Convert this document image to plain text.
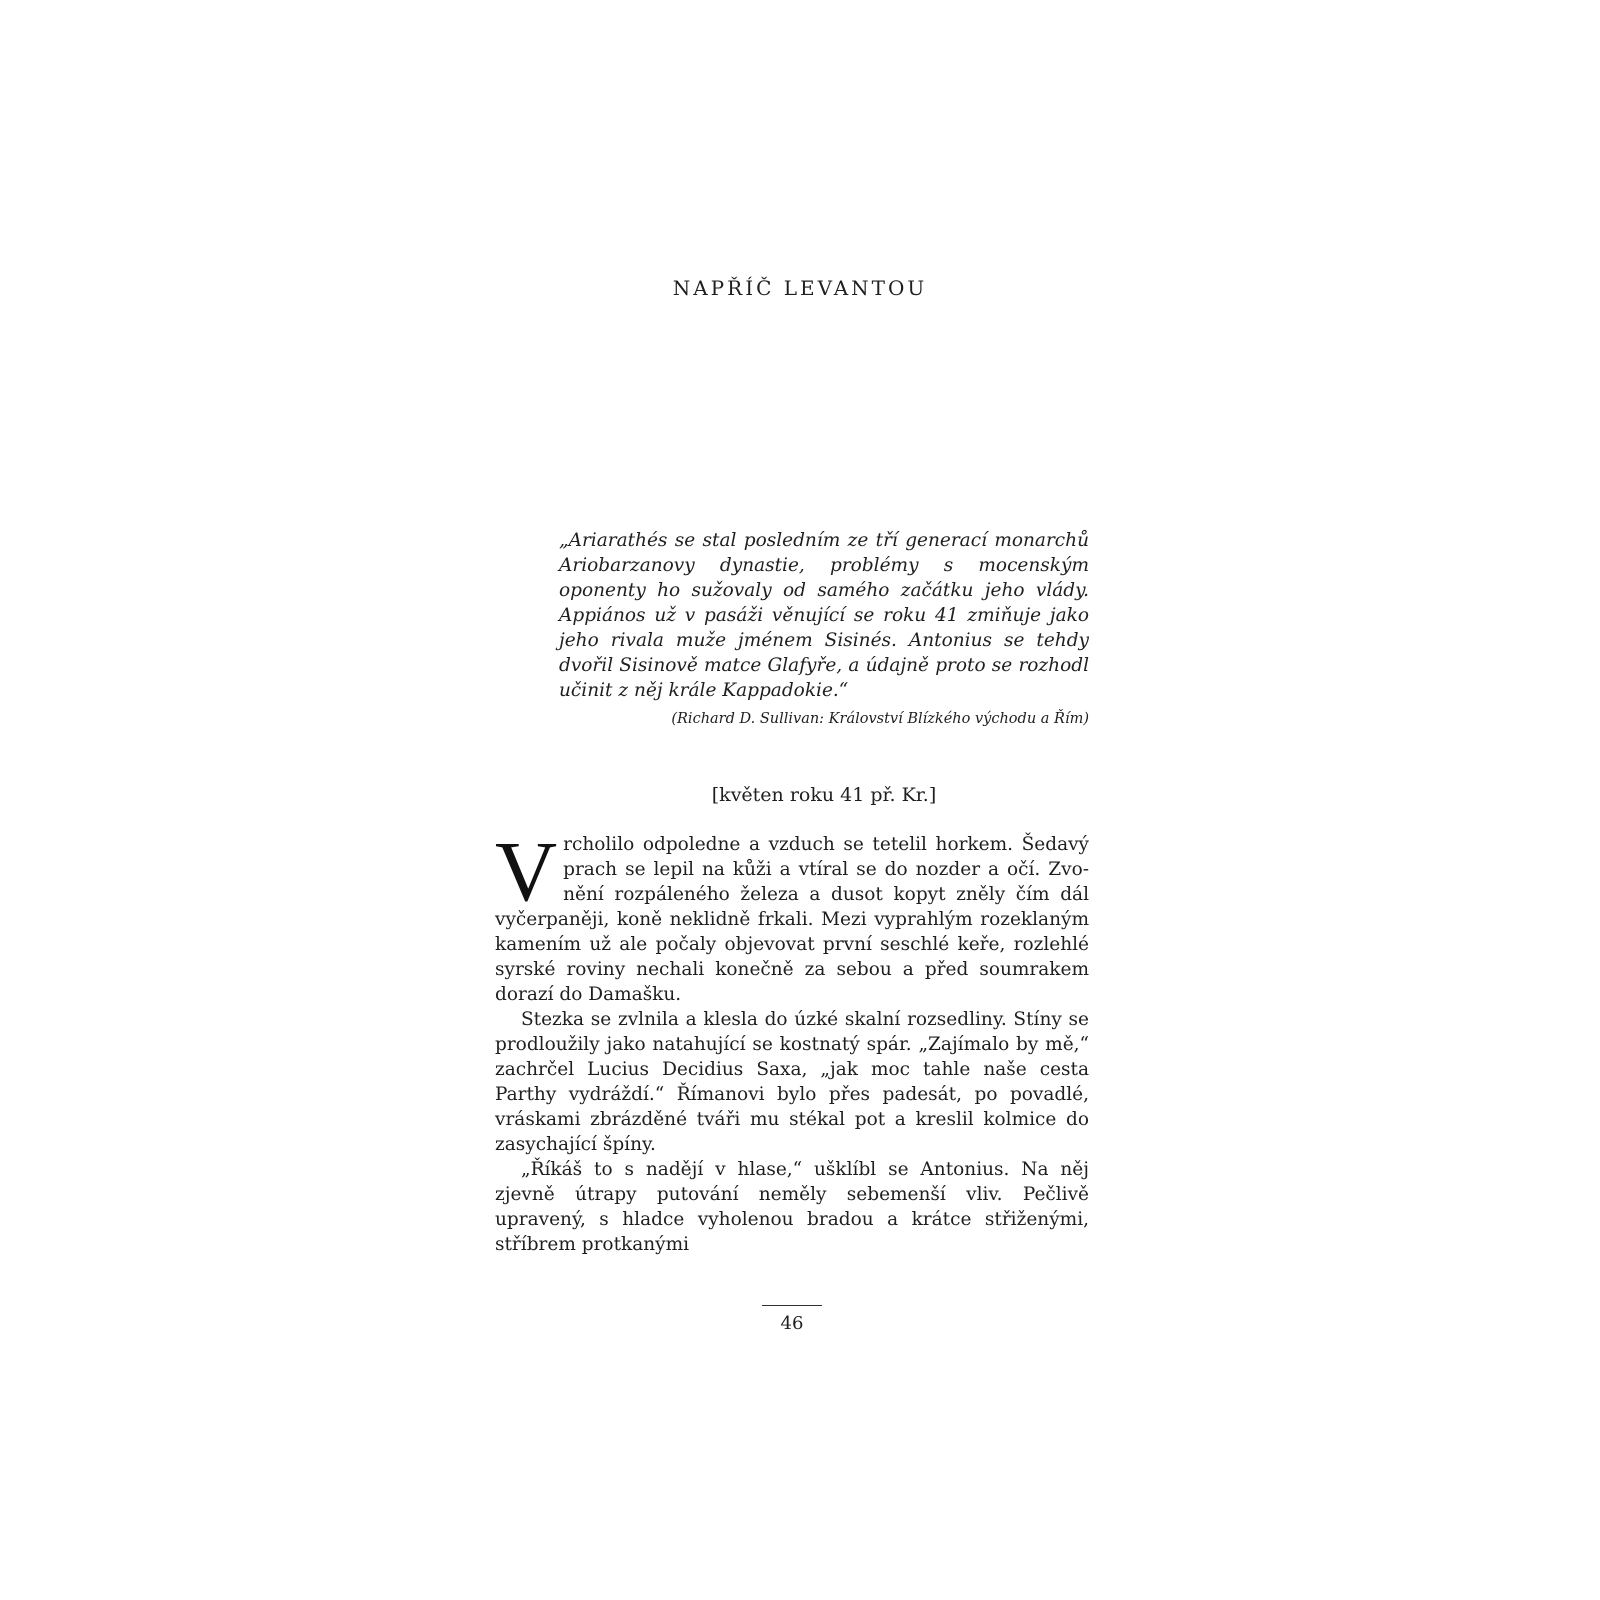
NAPŘÍČ LEVANTOU
„Ariarathés se stal posledním ze tří generací monarchů Ariobarzanovy dynastie, problémy s mocenským oponenty ho sužovaly od samého začátku jeho vlády. Appiános už v pasáži věnující se roku 41 zmiňuje jako jeho rivala muže jménem Sisinés. Antonius se tehdy dvořil Sisinově matce Glafyře, a údajně proto se rozhodl učinit z něj krále Kappadokie.“
(Richard D. Sullivan: Království Blízkého východu a Řím)
[květen roku 41 př. Kr.]

Vrcholilo odpoledne a vzduch se tetelil horkem. Šedavý prach se lepil na kůži a vtíral se do nozder a očí. Zvonění rozpáleného železa a dusot kopyt zněly čím dál vyčerpaněji, koně neklidně frkali. Mezi vyprahlým rozeklaným kamením už ale počaly objevovat první seschlé keře, rozlehlé syrské roviny nechali konečně za sebou a před soumrakem dorazí do Damašku.

Stezka se zvlnila a klesla do úzké skalní rozsedliny. Stíny se prodloužily jako natahující se kostnatý spár. „Zajímalo by mě,“ zachrčel Lucius Decidius Saxa, „jak moc tahle naše cesta Parthy vydráždí.“ Římanovi bylo přes padesát, po povadlé, vráskami zbrázděné tváři mu stékal pot a kreslil kolmice do zasychající špíny.

„Říkáš to s nadějí v hlase,“ ušklíbl se Antonius. Na něj zjevně útrapy putování neměly sebemenší vliv. Pečlivě upravený, s hladce vyholenou bradou a krátce střiženými, stříbrem protkanými

46
